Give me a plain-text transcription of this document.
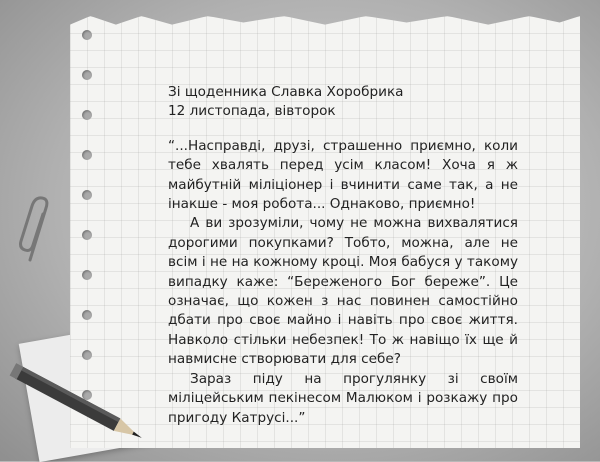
Зі щоденника Славка Хоробрика

12 листопада, вівторок

“...Насправді, друзі, страшенно приємно, коли тебе хвалять перед усім класом! Хоча я ж майбутній міліціонер і вчинити саме так, а не інакше - моя робота... Однаково, приємно!

А ви зрозуміли, чому не можна вихвалятися дорогими покупками? Тобто, можна, але не всім і не на кожному кроці. Моя бабуся у такому випадку каже: “Береженого Бог береже”. Це означає, що кожен з нас повинен самостійно дбати про своє майно і навіть про своє життя. Навколо стільки небезпек! То ж навіщо їх ще й навмисне створювати для себе?

Зараз піду на прогулянку зі своїм міліцейським пекінесом Малюком і розкажу про пригоду Катрусі...”
